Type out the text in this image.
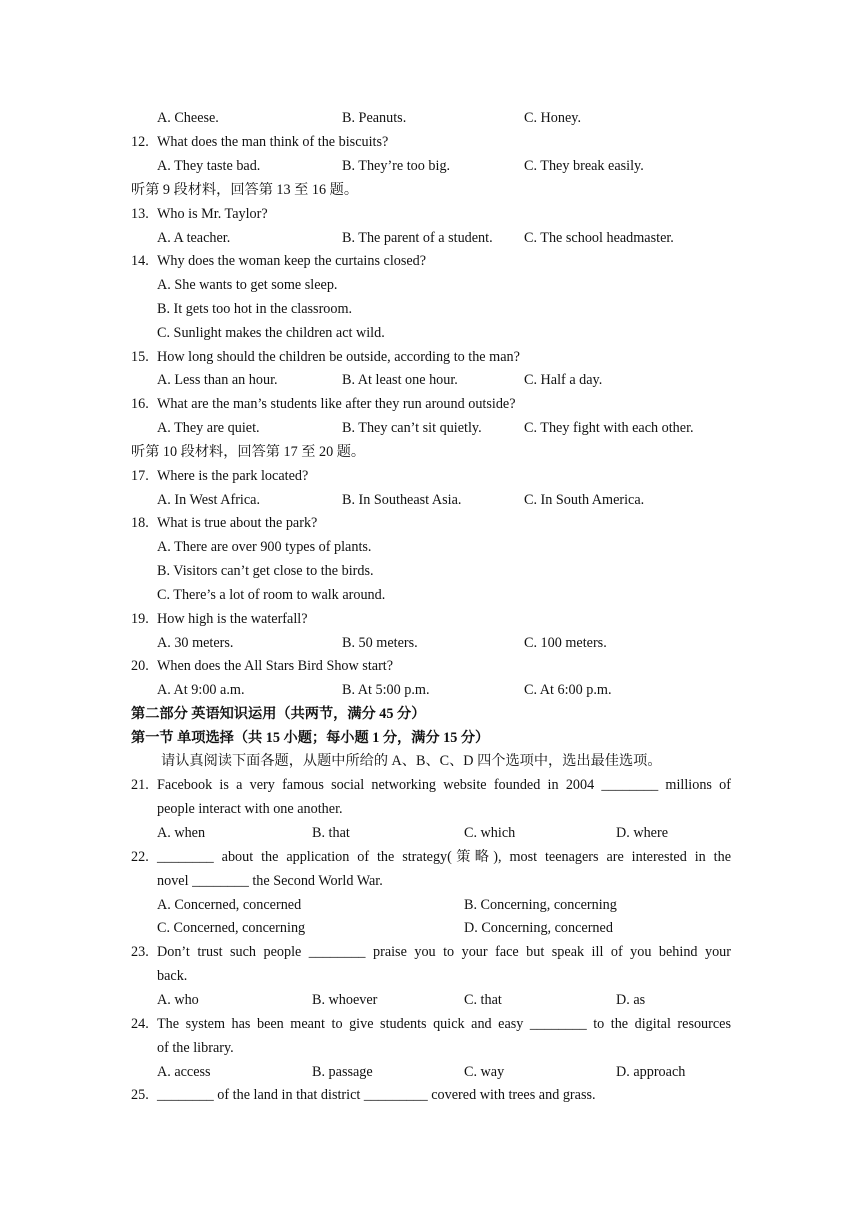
A. Cheese.	B. Peanuts.	C. Honey.
12. What does the man think of the biscuits?
A. They taste bad.	B. They’re too big.	C. They break easily.
听第 9 段材料，回答第 13 至 16 题。
13. Who is Mr. Taylor?
A. A teacher.	B. The parent of a student. C. The school headmaster.
14. Why does the woman keep the curtains closed?
A. She wants to get some sleep.
B. It gets too hot in the classroom.
C. Sunlight makes the children act wild.
15. How long should the children be outside, according to the man?
A. Less than an hour.	B. At least one hour.	C. Half a day.
16. What are the man’s students like after they run around outside?
A. They are quiet.	B. They can’t sit quietly.	C. They fight with each other.
听第 10 段材料，回答第 17 至 20 题。
17. Where is the park located?
A. In West Africa.	B. In Southeast Asia.	C. In South America.
18. What is true about the park?
A. There are over 900 types of plants.
B. Visitors can’t get close to the birds.
C. There’s a lot of room to walk around.
19. How high is the waterfall?
A. 30 meters.	B. 50 meters.	C. 100 meters.
20. When does the All Stars Bird Show start?
A. At 9:00 a.m.	B. At 5:00 p.m.	C. At 6:00 p.m.
第二部分 英语知识运用（共两节，满分 45 分）
第一节 单项选择（共 15 小题；每小题 1 分，满分 15 分）
请认真阅读下面各题，从题中所给的 A、B、C、D 四个选项中，选出最佳选项。
21. Facebook is a very famous social networking website founded in 2004 ________ millions of
people interact with one another.
A. when	B. that	C. which	D. where
22. ________ about the application of the strategy(策略), most teenagers are interested in the
novel ________ the Second World War.
A. Concerned, concerned	B. Concerning, concerning
C. Concerned, concerning	D. Concerning, concerned
23. Don’t trust such people ________ praise you to your face but speak ill of you behind your
back.
A. who	B. whoever	C. that	D. as
24. The system has been meant to give students quick and easy ________ to the digital resources
of the library.
A. access	B. passage	C. way	D. approach
25. ________ of the land in that district _________ covered with trees and grass.
